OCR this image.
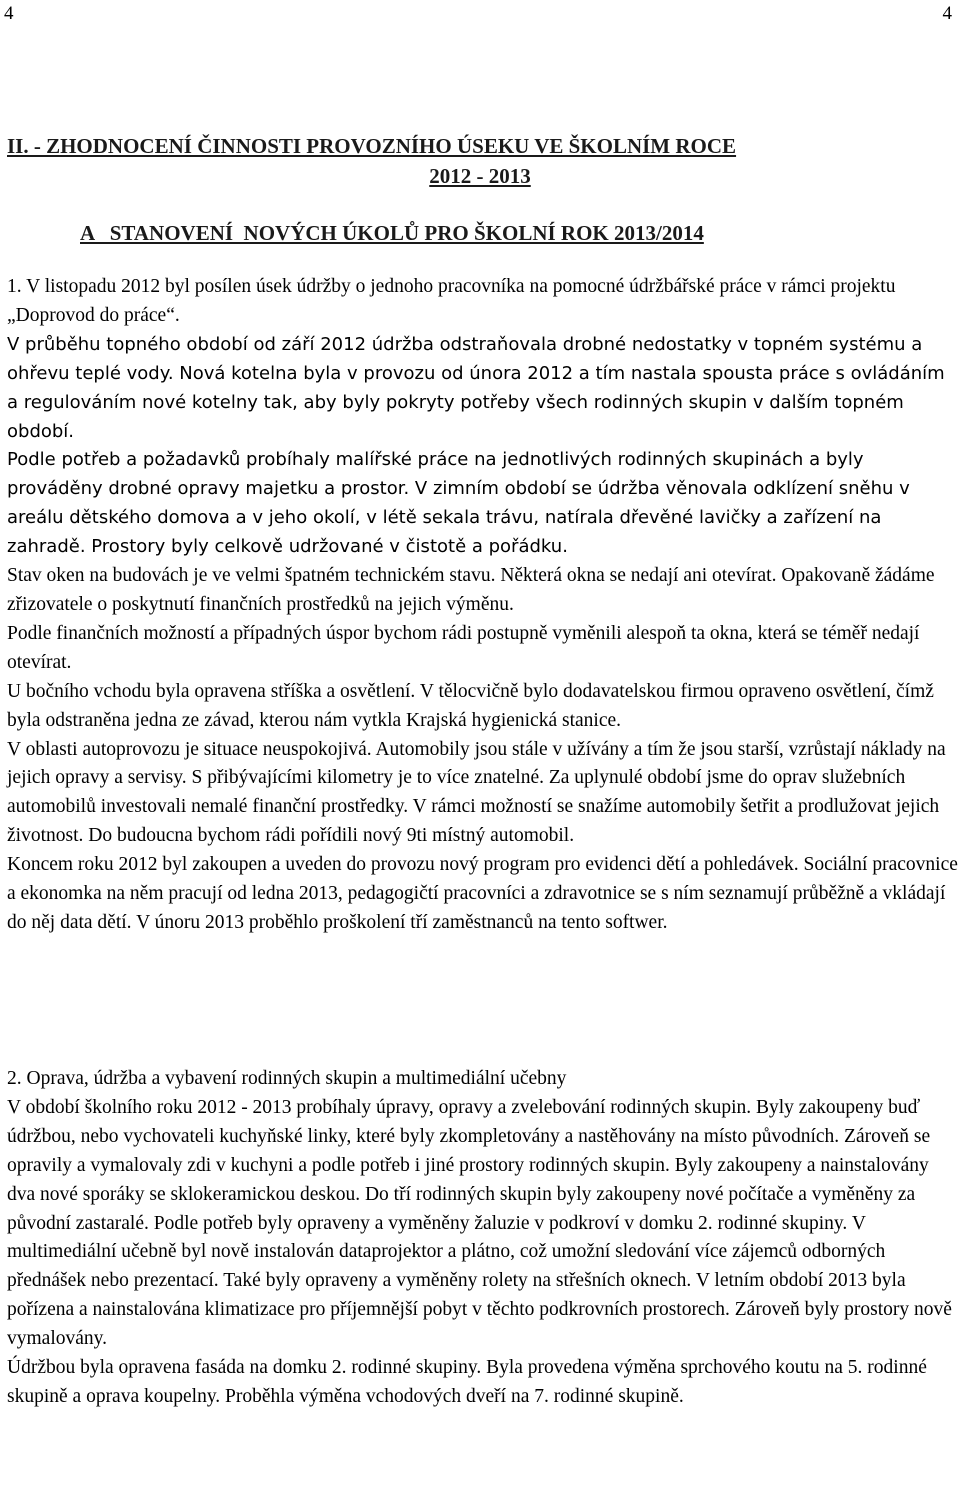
4	4
II. - ZHODNOCENÍ ČINNOSTI PROVOZNÍHO ÚSEKU VE ŠKOLNÍM ROCE
2012 - 2013
A   STANOVENÍ  NOVÝCH ÚKOLŮ PRO ŠKOLNÍ ROK 2013/2014

1. V listopadu 2012 byl posílen úsek údržby o jednoho pracovníka na pomocné údržbářské práce v rámci projektu „Doprovod do práce“.

V průběhu topného období od září 2012 údržba odstraňovala drobné nedostatky v topném systému a ohřevu teplé vody. Nová kotelna byla v provozu od února 2012 a tím nastala spousta práce s ovládáním a regulováním nové kotelny tak, aby byly pokryty potřeby všech rodinných skupin v dalším topném období.

Podle potřeb a požadavků probíhaly malířské práce na jednotlivých rodinných skupinách a byly prováděny drobné opravy majetku a prostor. V zimním období se údržba věnovala odklízení sněhu v areálu dětského domova a v jeho okolí, v létě sekala trávu, natírala dřevěné lavičky a zařízení na zahradě. Prostory byly celkově udržované v čistotě a pořádku.

Stav oken na budovách je ve velmi špatném technickém stavu. Některá okna se nedají ani otevírat. Opakovaně žádáme zřizovatele o poskytnutí finančních prostředků na jejich výměnu.

Podle finančních možností a případných úspor bychom rádi postupně vyměnili alespoň ta okna, která se téměř nedají otevírat.

U bočního vchodu byla opravena stříška a osvětlení. V tělocvičně bylo dodavatelskou firmou opraveno osvětlení, čímž byla odstraněna jedna ze závad, kterou nám vytkla Krajská hygienická stanice.

V oblasti autoprovozu je situace neuspokojivá. Automobily jsou stále v užívány a tím že jsou starší, vzrůstají náklady na jejich opravy a servisy. S přibývajícími kilometry je to více znatelné. Za uplynulé období jsme do oprav služebních automobilů investovali nemalé finanční prostředky. V rámci možností se snažíme automobily šetřit a prodlužovat jejich životnost. Do budoucna bychom rádi pořídili nový 9ti místný automobil.

Koncem roku 2012 byl zakoupen a uveden do provozu nový program pro evidenci dětí a pohledávek. Sociální pracovnice a ekonomka na něm pracují od ledna 2013, pedagogičtí pracovníci a zdravotnice se s ním seznamují průběžně a vkládají do něj data dětí. V únoru 2013 proběhlo proškolení tří zaměstnanců na tento softwer.

2. Oprava, údržba a vybavení rodinných skupin a multimediální učebny

V období školního roku 2012 - 2013 probíhaly úpravy, opravy a zvelebování rodinných skupin. Byly zakoupeny buď údržbou, nebo vychovateli kuchyňské linky, které byly zkompletovány a nastěhovány na místo původních. Zároveň se opravily a vymalovaly zdi v kuchyni a podle potřeb i jiné prostory rodinných skupin. Byly zakoupeny a nainstalovány dva nové sporáky se sklokeramickou deskou. Do tří rodinných skupin byly zakoupeny nové počítače a vyměněny za původní zastaralé. Podle potřeb byly opraveny a vyměněny žaluzie v podkroví v domku 2. rodinné skupiny. V multimediální učebně byl nově instalován dataprojektor a plátno, což umožní sledování více zájemců odborných přednášek nebo prezentací. Také byly opraveny a vyměněny rolety na střešních oknech. V letním období 2013 byla pořízena a nainstalována klimatizace pro příjemnější pobyt v těchto podkrovních prostorech. Zároveň byly prostory nově vymalovány.

Údržbou byla opravena fasáda na domku 2. rodinné skupiny. Byla provedena výměna sprchového koutu na 5. rodinné skupině a oprava koupelny. Proběhla výměna vchodových dveří na 7. rodinné skupině.
